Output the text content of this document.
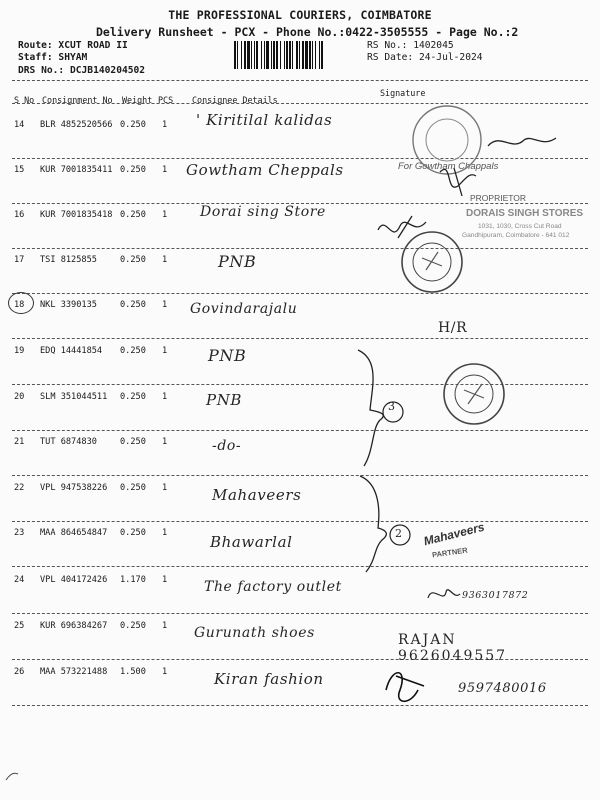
THE PROFESSIONAL COURIERS, COIMBATORE
Delivery Runsheet - PCX - Phone No.:0422-3505555 - Page No.:2
Route: XCUT ROAD II
Staff: SHYAM
DRS No.: DCJB140204502
RS No.: 1402045
RS Date: 24-Jul-2024
S No Consignment No Weight PCS Consignee Details
Signature
14 BLR 4852520566 0.250 1 ' Kiritilal kalidas
15 KUR 7001835411 0.250 1 Gowtham Cheppals
16 KUR 7001835418 0.250 1 Dorai sing Store
17 TSI 8125855	0.250 1	PNB
18 NKL 3390135	0.250 1 Govindarajalu
19 EDQ 14441854 0.250 1	PNB
20 SLM 351044511 0.250 1	PNB
21 TUT 6874830	0.250 1	-do-
22 VPL 947538226 0.250 1	Mahaveers
23 MAA 864654847 0.250 1	Bhawarlal
24 VPL 404172426 1.170 1	The factory outlet
25 KUR 696384267 0.250 1 Gurunath shoes
26 MAA 573221488 1.500 1	Kiran fashion
For Gowtham Chappals
PROPRIETOR
DORAIS SINGH STORES
1031, 1030, Cross Cut Road
Gandhipuram, Coimbatore - 641 012
Mahaveers
PARTNER
3
2
H/R
9363017872
RAJAN 9626049557
9597480016
